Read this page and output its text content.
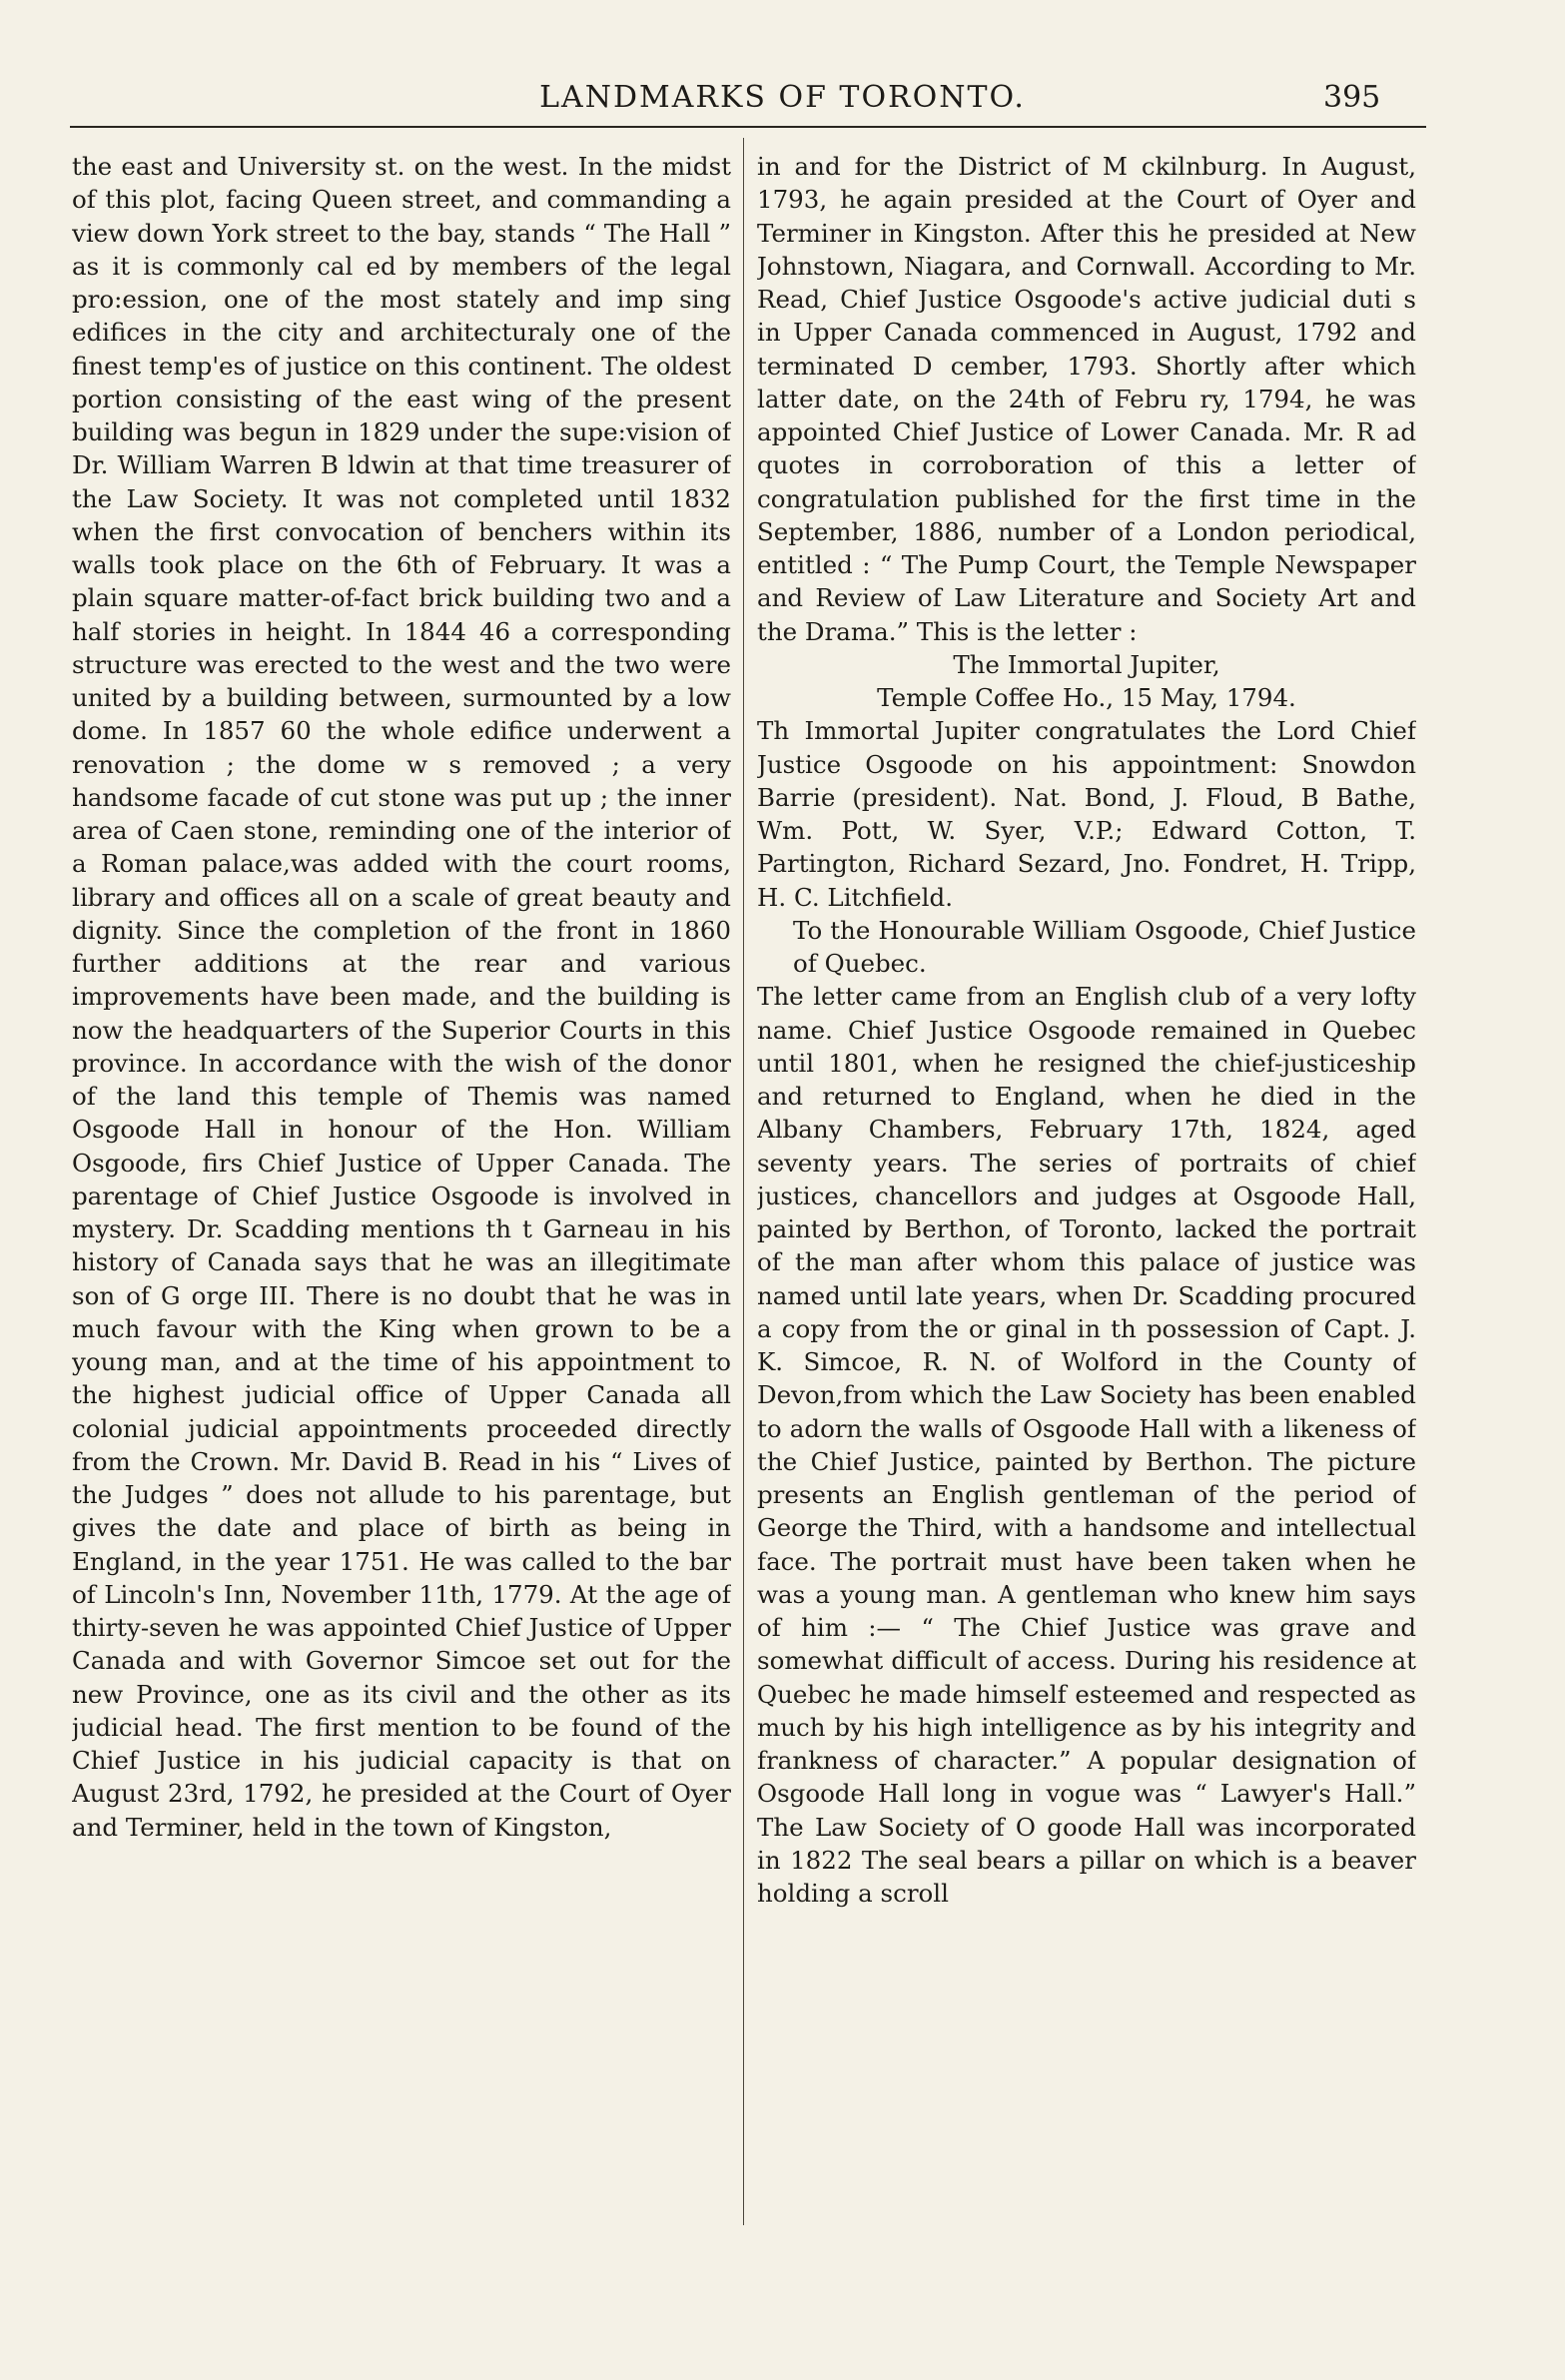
LANDMARKS OF TORONTO.	395

the east and University st. on the west. In the midst of this plot, facing Queen street, and commanding a view down York street to the bay, stands “ The Hall ” as it is commonly cal ed by members of the legal pro:ession, one of the most stately and imp sing edifices in the city and architecturaly one of the finest temp'es of justice on this continent. The oldest portion consisting of the east wing of the present building was begun in 1829 under the supe:vision of Dr. William Warren B ldwin at that time treasurer of the Law Society. It was not completed until 1832 when the first convocation of benchers within its walls took place on the 6th of February. It was a plain square matter-of-fact brick building two and a half stories in height. In 1844 46 a corresponding structure was erected to the west and the two were united by a building between, surmounted by a low dome. In 1857 60 the whole edifice underwent a renovation ; the dome w s removed ; a very handsome facade of cut stone was put up ; the inner area of Caen stone, reminding one of the interior of a Roman palace,was added with the court rooms, library and offices all on a scale of great beauty and dignity. Since the completion of the front in 1860 further additions at the rear and various improvements have been made, and the building is now the headquarters of the Superior Courts in this province. In accordance with the wish of the donor of the land this temple of Themis was named Osgoode Hall in honour of the Hon. William Osgoode, firs Chief Justice of Upper Canada. The parentage of Chief Justice Osgoode is involved in mystery. Dr. Scadding mentions th t Garneau in his history of Canada says that he was an illegitimate son of G orge III. There is no doubt that he was in much favour with the King when grown to be a young man, and at the time of his appointment to the highest judicial office of Upper Canada all colonial judicial appointments proceeded directly from the Crown. Mr. David B. Read in his “ Lives of the Judges ” does not allude to his parentage, but gives the date and place of birth as being in England, in the year 1751. He was called to the bar of Lincoln's Inn, November 11th, 1779. At the age of thirty-seven he was appointed Chief Justice of Upper Canada and with Governor Simcoe set out for the new Province, one as its civil and the other as its judicial head. The first mention to be found of the Chief Justice in his judicial capacity is that on August 23rd, 1792, he presided at the Court of Oyer and Terminer, held in the town of Kingston,

in and for the District of M ckilnburg. In August, 1793, he again presided at the Court of Oyer and Terminer in Kingston. After this he presided at New Johnstown, Niagara, and Cornwall. According to Mr. Read, Chief Justice Osgoode's active judicial duti s in Upper Canada commenced in August, 1792 and terminated D cember, 1793. Shortly after which latter date, on the 24th of Febru ry, 1794, he was appointed Chief Justice of Lower Canada. Mr. R ad quotes in corroboration of this a letter of congratulation published for the first time in the September, 1886, number of a London periodical, entitled : “ The Pump Court, the Temple Newspaper and Review of Law Literature and Society Art and the Drama.” This is the letter :

The Immortal Jupiter,

Temple Coffee Ho., 15 May, 1794.

Th Immortal Jupiter congratulates the Lord Chief Justice Osgoode on his appointment: Snowdon Barrie (president). Nat. Bond, J. Floud, B Bathe, Wm. Pott, W. Syer, V.P.; Edward Cotton, T. Partington, Richard Sezard, Jno. Fondret, H. Tripp, H. C. Litchfield.

To the Honourable William Osgoode, Chief Justice of Quebec.

The letter came from an English club of a very lofty name. Chief Justice Osgoode remained in Quebec until 1801, when he resigned the chief-justiceship and returned to England, when he died in the Albany Chambers, February 17th, 1824, aged seventy years. The series of portraits of chief justices, chancellors and judges at Osgoode Hall, painted by Berthon, of Toronto, lacked the portrait of the man after whom this palace of justice was named until late years, when Dr. Scadding procured a copy from the or ginal in th possession of Capt. J. K. Simcoe, R. N. of Wolford in the County of Devon,from which the Law Society has been enabled to adorn the walls of Osgoode Hall with a likeness of the Chief Justice, painted by Berthon. The picture presents an English gentleman of the period of George the Third, with a handsome and intellectual face. The portrait must have been taken when he was a young man. A gentleman who knew him says of him :— “ The Chief Justice was grave and somewhat difficult of access. During his residence at Quebec he made himself esteemed and respected as much by his high intelligence as by his integrity and frankness of character.” A popular designation of Osgoode Hall long in vogue was “ Lawyer's Hall.” The Law Society of O goode Hall was incorporated in 1822 The seal bears a pillar on which is a beaver holding a scroll
